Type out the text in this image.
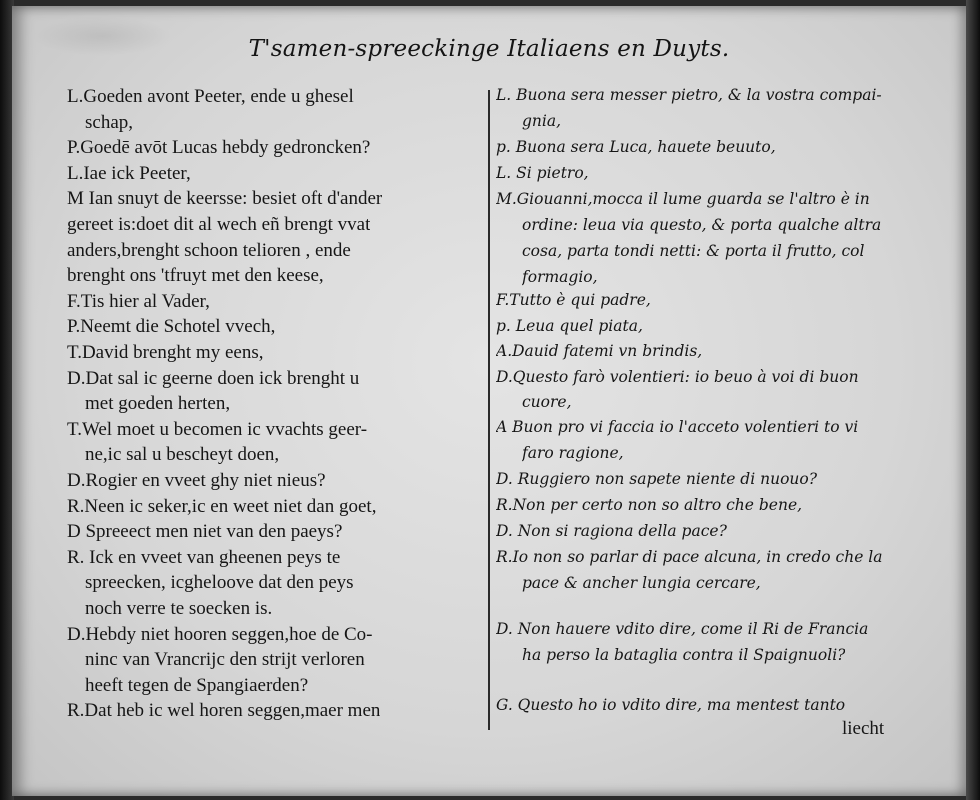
T'samen-spreeckinge Italiaens en Duyts.
L.Goeden avont Peeter, ende u ghesel
schap,
P.Goedē avōt Lucas hebdy gedroncken?
L.Iae ick Peeter,
M Ian snuyt de keersse: besiet oft d'ander
gereet is:doet dit al wech eñ brengt vvat
anders,brenght schoon telioren , ende
brenght ons 'tfruyt met den keese,
F.Tis hier al Vader,
P.Neemt die Schotel vvech,
T.David brenght my eens,
D.Dat sal ic geerne doen ick brenght u
met goeden herten,
T.Wel moet u becomen ic vvachts geer-
ne,ic sal u bescheyt doen,
D.Rogier en vveet ghy niet nieus?
R.Neen ic seker,ic en weet niet dan goet,
D Spreeect men niet van den paeys?
R. Ick en vveet van gheenen peys te
spreecken, icgheloove dat den peys
noch verre te soecken is.
D.Hebdy niet hooren seggen,hoe de Co-
ninc van Vrancrijc den strijt verloren
heeft tegen de Spangiaerden?
R.Dat heb ic wel horen seggen,maer men
L. Buona sera messer pietro, & la vostra compai-
gnia,
p. Buona sera Luca, hauete beuuto,
L. Si pietro,
M.Giouanni,mocca il lume guarda se l'altro è in
ordine: leua via questo, & porta qualche altra
cosa, parta tondi netti: & porta il frutto, col
formagio,
F.Tutto è qui padre,
p. Leua quel piata,
A.Dauid fatemi vn brindis,
D.Questo farò volentieri: io beuo à voi di buon
cuore,
A Buon pro vi faccia io l'acceto volentieri to vi
faro ragione,
D. Ruggiero non sapete niente di nuouo?
R.Non per certo non so altro che bene,
D. Non si ragiona della pace?
R.Io non so parlar di pace alcuna, in credo che la
pace & ancher lungia cercare,
D. Non hauere vdito dire, come il Ri de Francia
ha perso la bataglia contra il Spaignuoli?
G. Questo ho io vdito dire, ma mentest tanto
liecht
